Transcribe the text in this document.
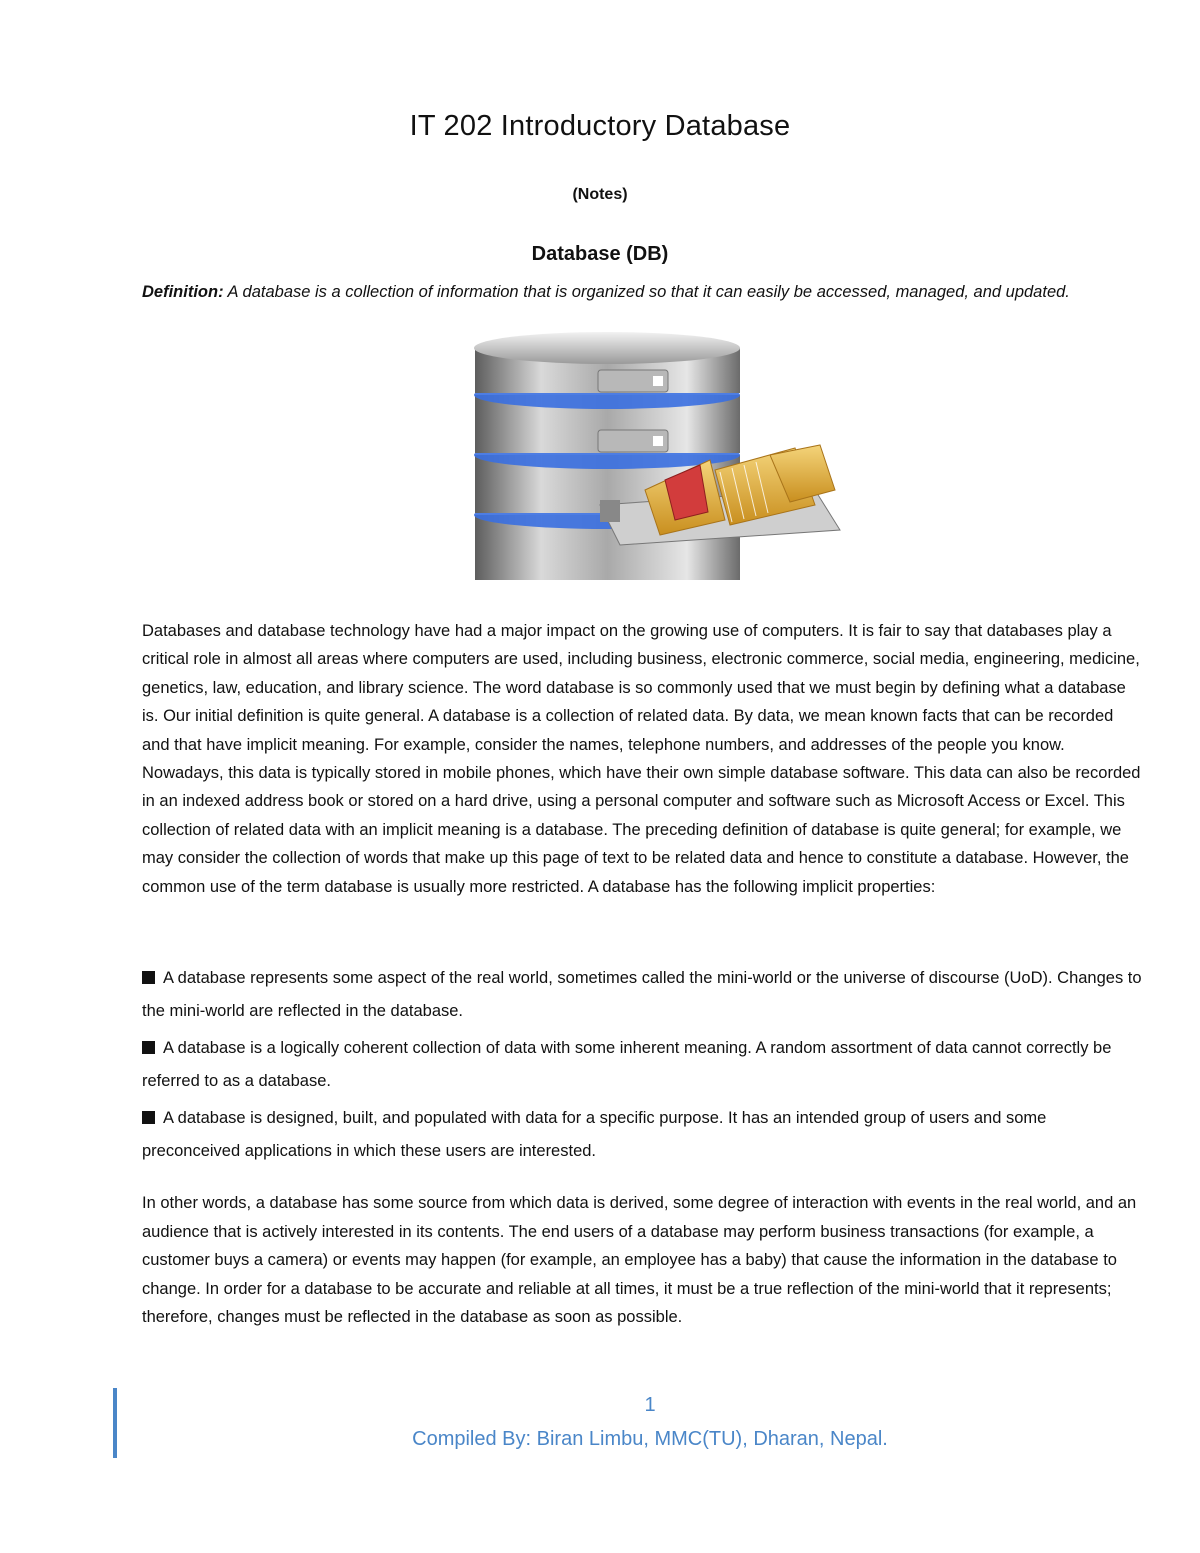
IT 202 Introductory Database
(Notes)
Database (DB)

Definition: A database is a collection of information that is organized so that it can easily be accessed, managed, and updated.

Databases and database technology have had a major impact on the growing use of computers. It is fair to say that databases play a critical role in almost all areas where computers are used, including business, electronic commerce, social media, engineering, medicine, genetics, law, education, and library science. The word database is so commonly used that we must begin by defining what a database is. Our initial definition is quite general. A database is a collection of related data. By data, we mean known facts that can be recorded and that have implicit meaning. For example, consider the names, telephone numbers, and addresses of the people you know. Nowadays, this data is typically stored in mobile phones, which have their own simple database software. This data can also be recorded in an indexed address book or stored on a hard drive, using a personal computer and software such as Microsoft Access or Excel. This collection of related data with an implicit meaning is a database. The preceding definition of database is quite general; for example, we may consider the collection of words that make up this page of text to be related data and hence to constitute a database. However, the common use of the term database is usually more restricted. A database has the following implicit properties:

A database represents some aspect of the real world, sometimes called the mini-world or the universe of discourse (UoD). Changes to the mini-world are reflected in the database.
A database is a logically coherent collection of data with some inherent meaning. A random assortment of data cannot correctly be referred to as a database.
A database is designed, built, and populated with data for a specific purpose. It has an intended group of users and some preconceived applications in which these users are interested.

In other words, a database has some source from which data is derived, some degree of interaction with events in the real world, and an audience that is actively interested in its contents. The end users of a database may perform business transactions (for example, a customer buys a camera) or events may happen (for example, an employee has a baby) that cause the information in the database to change. In order for a database to be accurate and reliable at all times, it must be a true reflection of the mini-world that it represents; therefore, changes must be reflected in the database as soon as possible.

1
Compiled By: Biran Limbu, MMC(TU), Dharan, Nepal.
